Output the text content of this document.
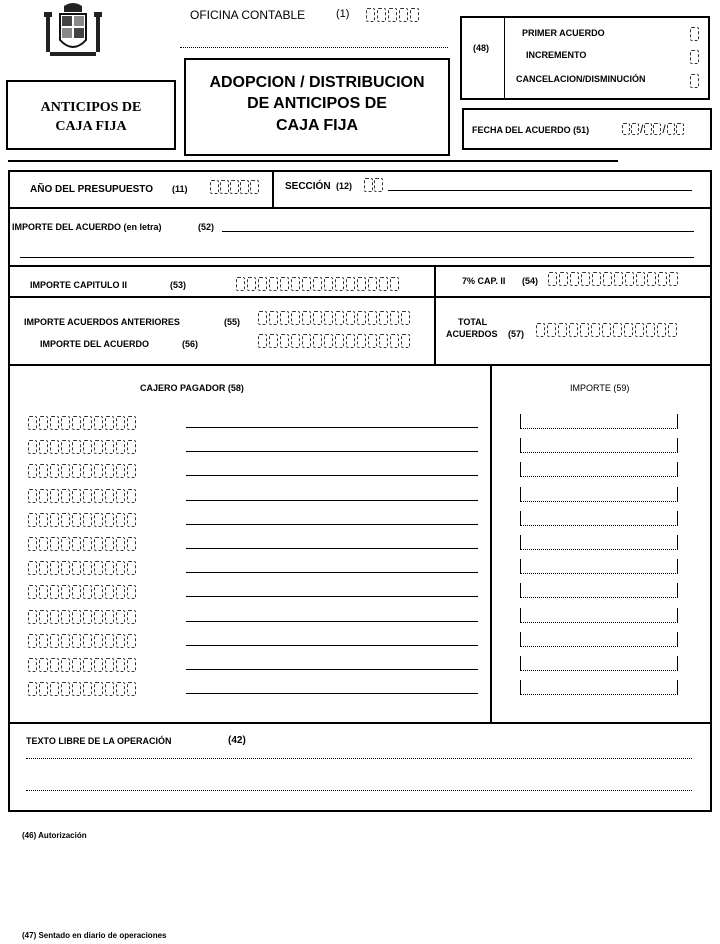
OFICINA CONTABLE	(1)
ANTICIPOS DE
CAJA FIJA
ADOPCION / DISTRIBUCION
DE ANTICIPOS DE
CAJA FIJA
(48)
PRIMER ACUERDO
INCREMENTO
CANCELACION/DISMINUCIÓN
FECHA DEL ACUERDO (51)	/ /
AÑO DEL PRESUPUESTO (11)	SECCIÓN (12)
IMPORTE DEL ACUERDO (en letra)	(52)
IMPORTE CAPITULO II	(53)	7% CAP. II (54)
IMPORTE ACUERDOS ANTERIORES	(55)
IMPORTE DEL ACUERDO	(56)
TOTAL
ACUERDOS (57)
CAJERO PAGADOR (58)	IMPORTE (59)
TEXTO LIBRE DE LA OPERACIÓN	(42)
(46) Autorización
(47) Sentado en diario de operaciones
